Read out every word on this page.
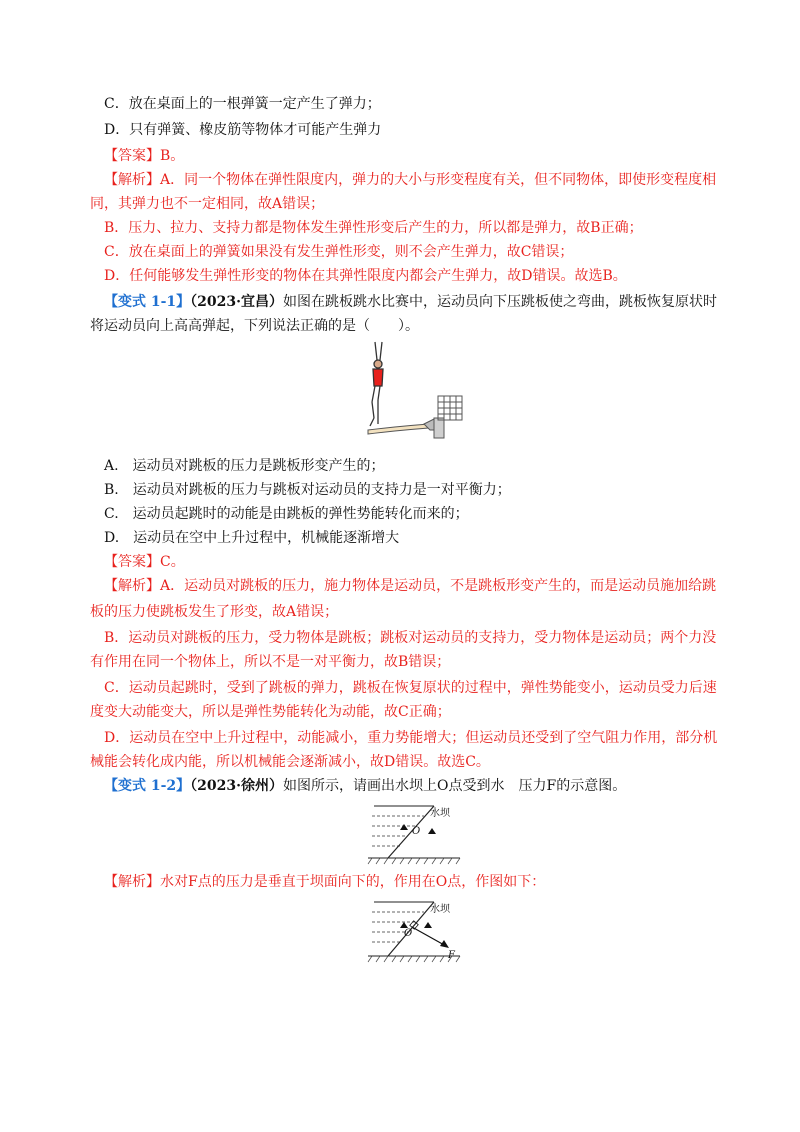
C．放在桌面上的一根弹簧一定产生了弹力；
D．只有弹簧、橡皮筋等物体才可能产生弹力
【答案】B。
【解析】A．同一个物体在弹性限度内，弹力的大小与形变程度有关，但不同物体，即使形变程度相
同，其弹力也不一定相同，故A错误；
B．压力、拉力、支持力都是物体发生弹性形变后产生的力，所以都是弹力，故B正确；
C．放在桌面上的弹簧如果没有发生弹性形变，则不会产生弹力，故C错误；
D．任何能够发生弹性形变的物体在其弹性限度内都会产生弹力，故D错误。故选B。
【变式 1-1】（2023·宜昌）如图在跳板跳水比赛中，运动员向下压跳板使之弯曲，跳板恢复原状时
将运动员向上高高弹起，下列说法正确的是（　　）。
A.　运动员对跳板的压力是跳板形变产生的；
B.　运动员对跳板的压力与跳板对运动员的支持力是一对平衡力；
C.　运动员起跳时的动能是由跳板的弹性势能转化而来的；
D.　运动员在空中上升过程中，机械能逐渐增大
【答案】C。
【解析】A．运动员对跳板的压力，施力物体是运动员，不是跳板形变产生的，而是运动员施加给跳
板的压力使跳板发生了形变，故A错误；
B．运动员对跳板的压力，受力物体是跳板；跳板对运动员的支持力，受力物体是运动员；两个力没
有作用在同一个物体上，所以不是一对平衡力，故B错误；
C．运动员起跳时，受到了跳板的弹力，跳板在恢复原状的过程中，弹性势能变小，运动员受力后速
度变大动能变大，所以是弹性势能转化为动能，故C正确；
D．运动员在空中上升过程中，动能减小，重力势能增大；但运动员还受到了空气阻力作用，部分机
械能会转化成内能，所以机械能会逐渐减小，故D错误。故选C。
【变式 1-2】（2023·徐州）如图所示，请画出水坝上O点受到水　压力F的示意图。
水坝
O
【解析】水对F点的压力是垂直于坝面向下的，作用在O点，作图如下：
水坝
O
F
